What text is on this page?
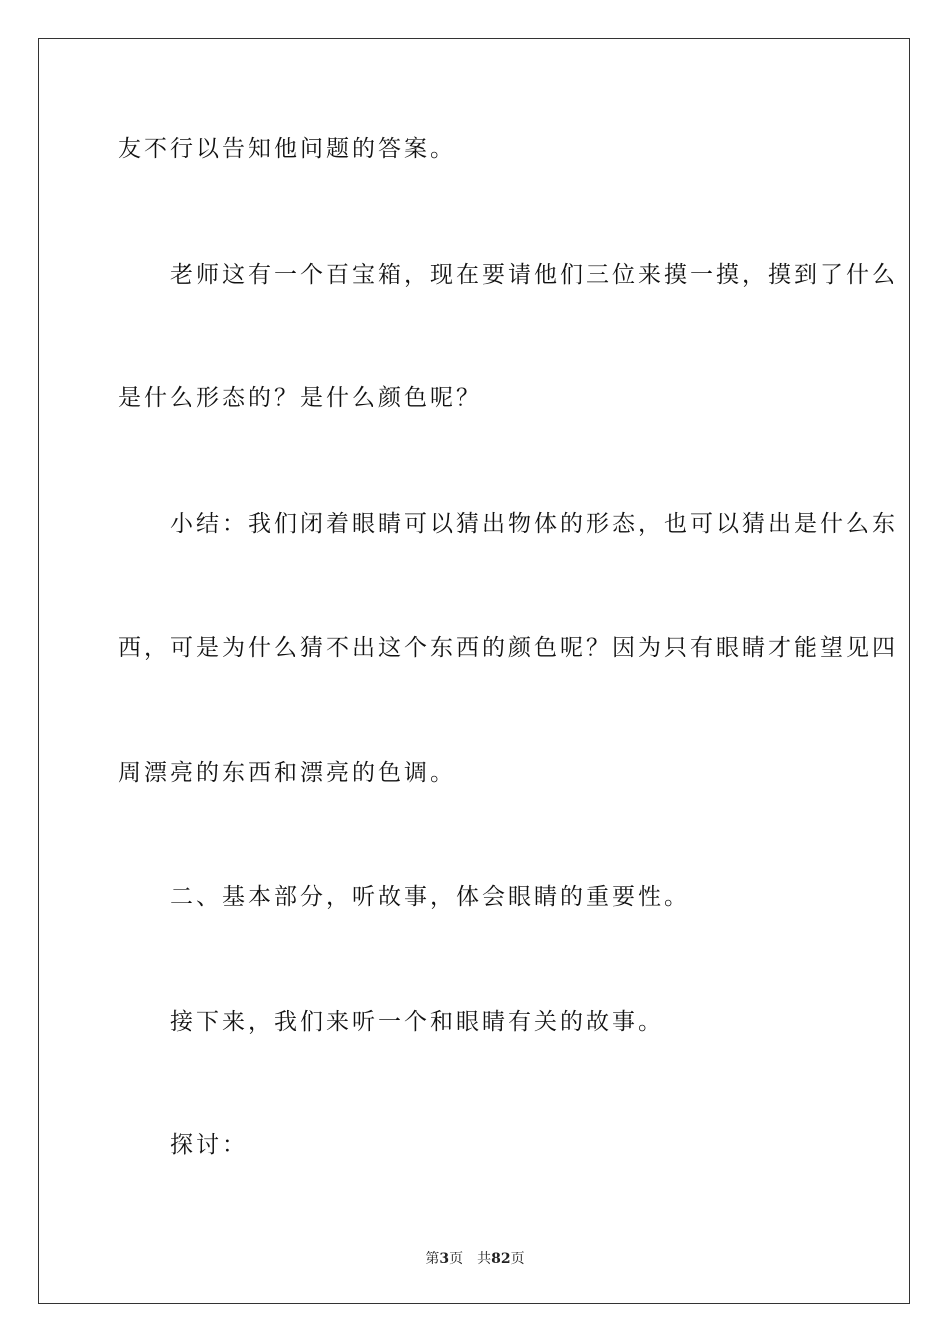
友不行以告知他问题的答案。
　　老师这有一个百宝箱，现在要请他们三位来摸一摸，摸到了什么
是什么形态的？是什么颜色呢？
　　小结：我们闭着眼睛可以猜出物体的形态，也可以猜出是什么东
西，可是为什么猜不出这个东西的颜色呢？因为只有眼睛才能望见四
周漂亮的东西和漂亮的色调。
　　二、基本部分，听故事，体会眼睛的重要性。
　　接下来，我们来听一个和眼睛有关的故事。
　　探讨：
第3页　共82页
